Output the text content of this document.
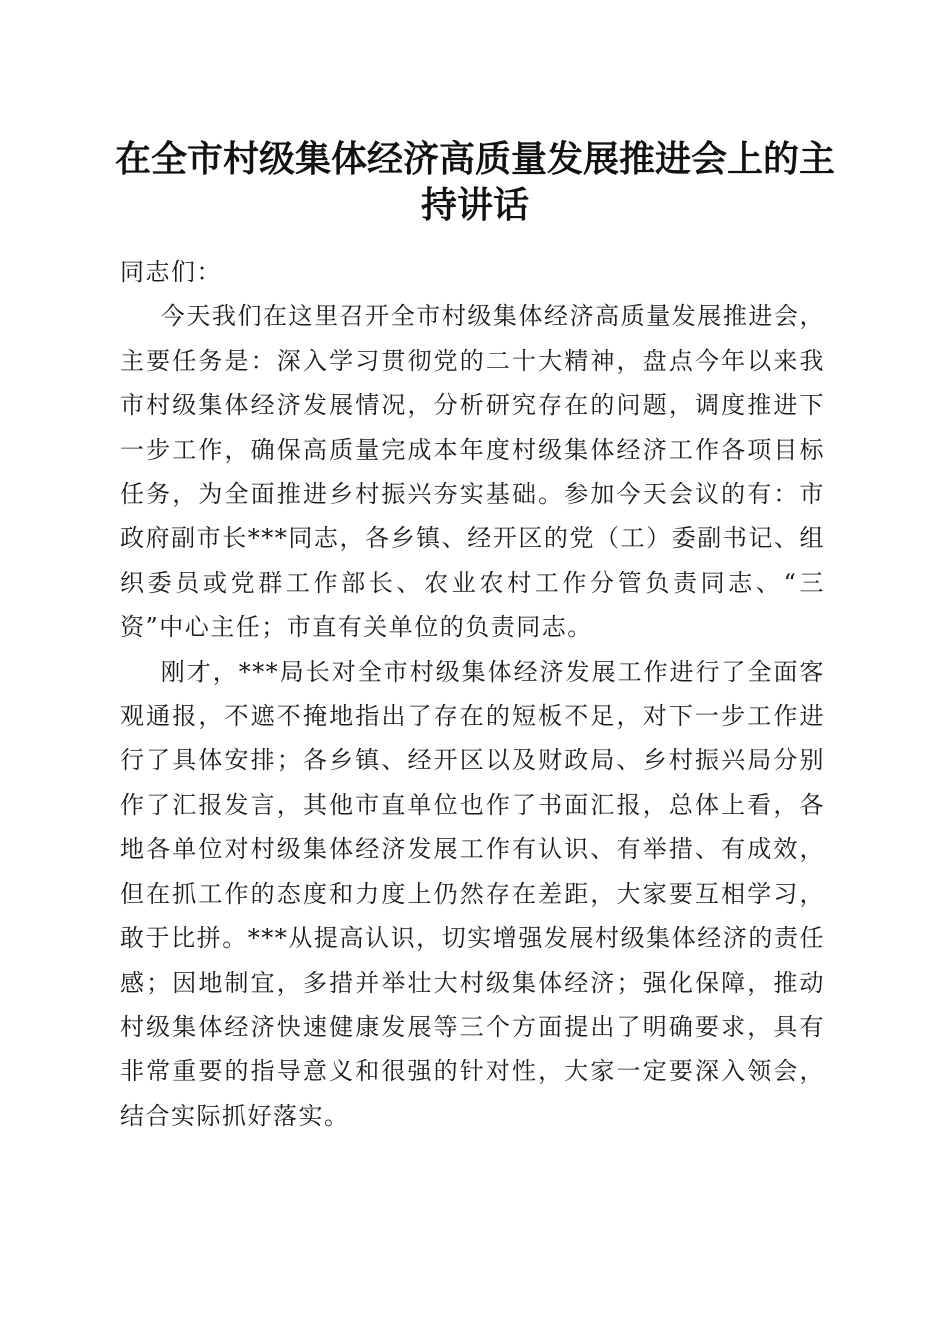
在全市村级集体经济高质量发展推进会上的主持讲话

同志们：

今天我们在这里召开全市村级集体经济高质量发展推进会，主要任务是：深入学习贯彻党的二十大精神，盘点今年以来我市村级集体经济发展情况，分析研究存在的问题，调度推进下一步工作，确保高质量完成本年度村级集体经济工作各项目标任务，为全面推进乡村振兴夯实基础。参加今天会议的有：市政府副市长***同志，各乡镇、经开区的党（工）委副书记、组织委员或党群工作部长、农业农村工作分管负责同志、“三资”中心主任；市直有关单位的负责同志。

刚才，***局长对全市村级集体经济发展工作进行了全面客观通报，不遮不掩地指出了存在的短板不足，对下一步工作进行了具体安排；各乡镇、经开区以及财政局、乡村振兴局分别作了汇报发言，其他市直单位也作了书面汇报，总体上看，各地各单位对村级集体经济发展工作有认识、有举措、有成效，但在抓工作的态度和力度上仍然存在差距，大家要互相学习，敢于比拼。***从提高认识，切实增强发展村级集体经济的责任感；因地制宜，多措并举壮大村级集体经济；强化保障，推动村级集体经济快速健康发展等三个方面提出了明确要求，具有非常重要的指导意义和很强的针对性，大家一定要深入领会，结合实际抓好落实。
